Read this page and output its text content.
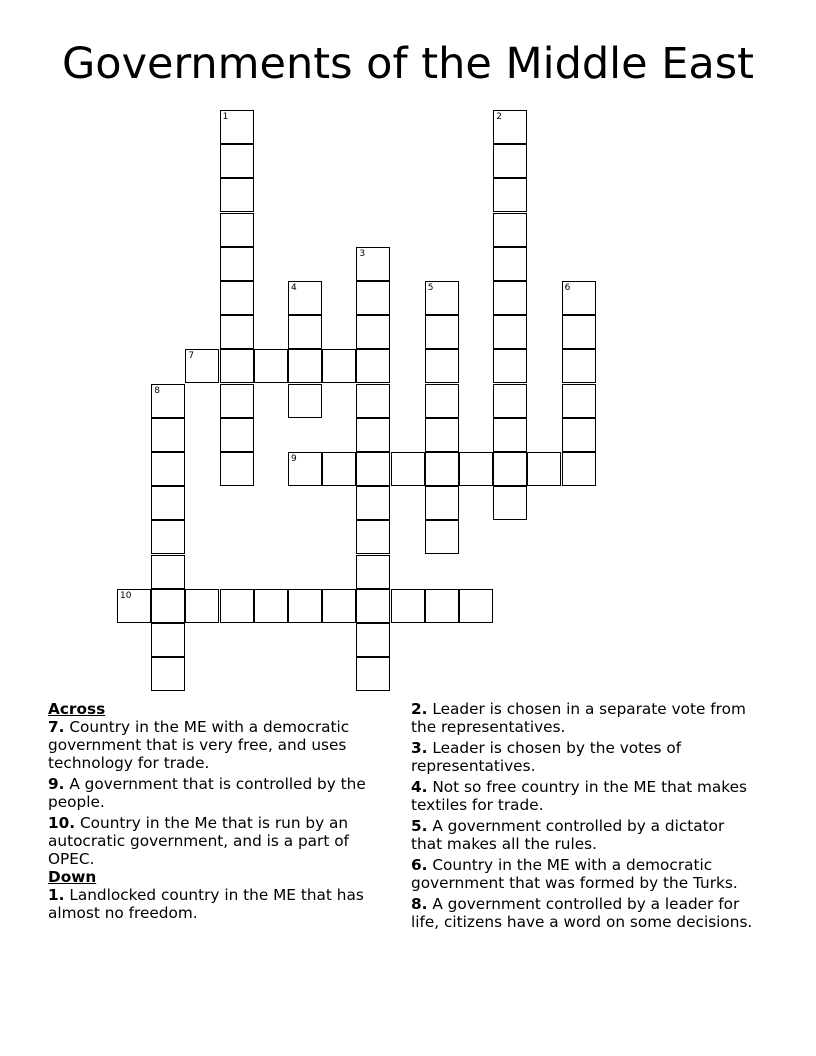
Governments of the Middle East
1	2
3
4	5	6
7
8
9
10

Across

7. Country in the ME with a democratic government that is very free, and uses technology for trade.

9. A government that is controlled by the people.

10. Country in the Me that is run by an autocratic government, and is a part of OPEC.

Down

1. Landlocked country in the ME that has almost no freedom.

2. Leader is chosen in a separate vote from the representatives.

3. Leader is chosen by the votes of representatives.

4. Not so free country in the ME that makes textiles for trade.

5. A government controlled by a dictator that makes all the rules.

6. Country in the ME with a democratic government that was formed by the Turks.

8. A government controlled by a leader for life, citizens have a word on some decisions.
